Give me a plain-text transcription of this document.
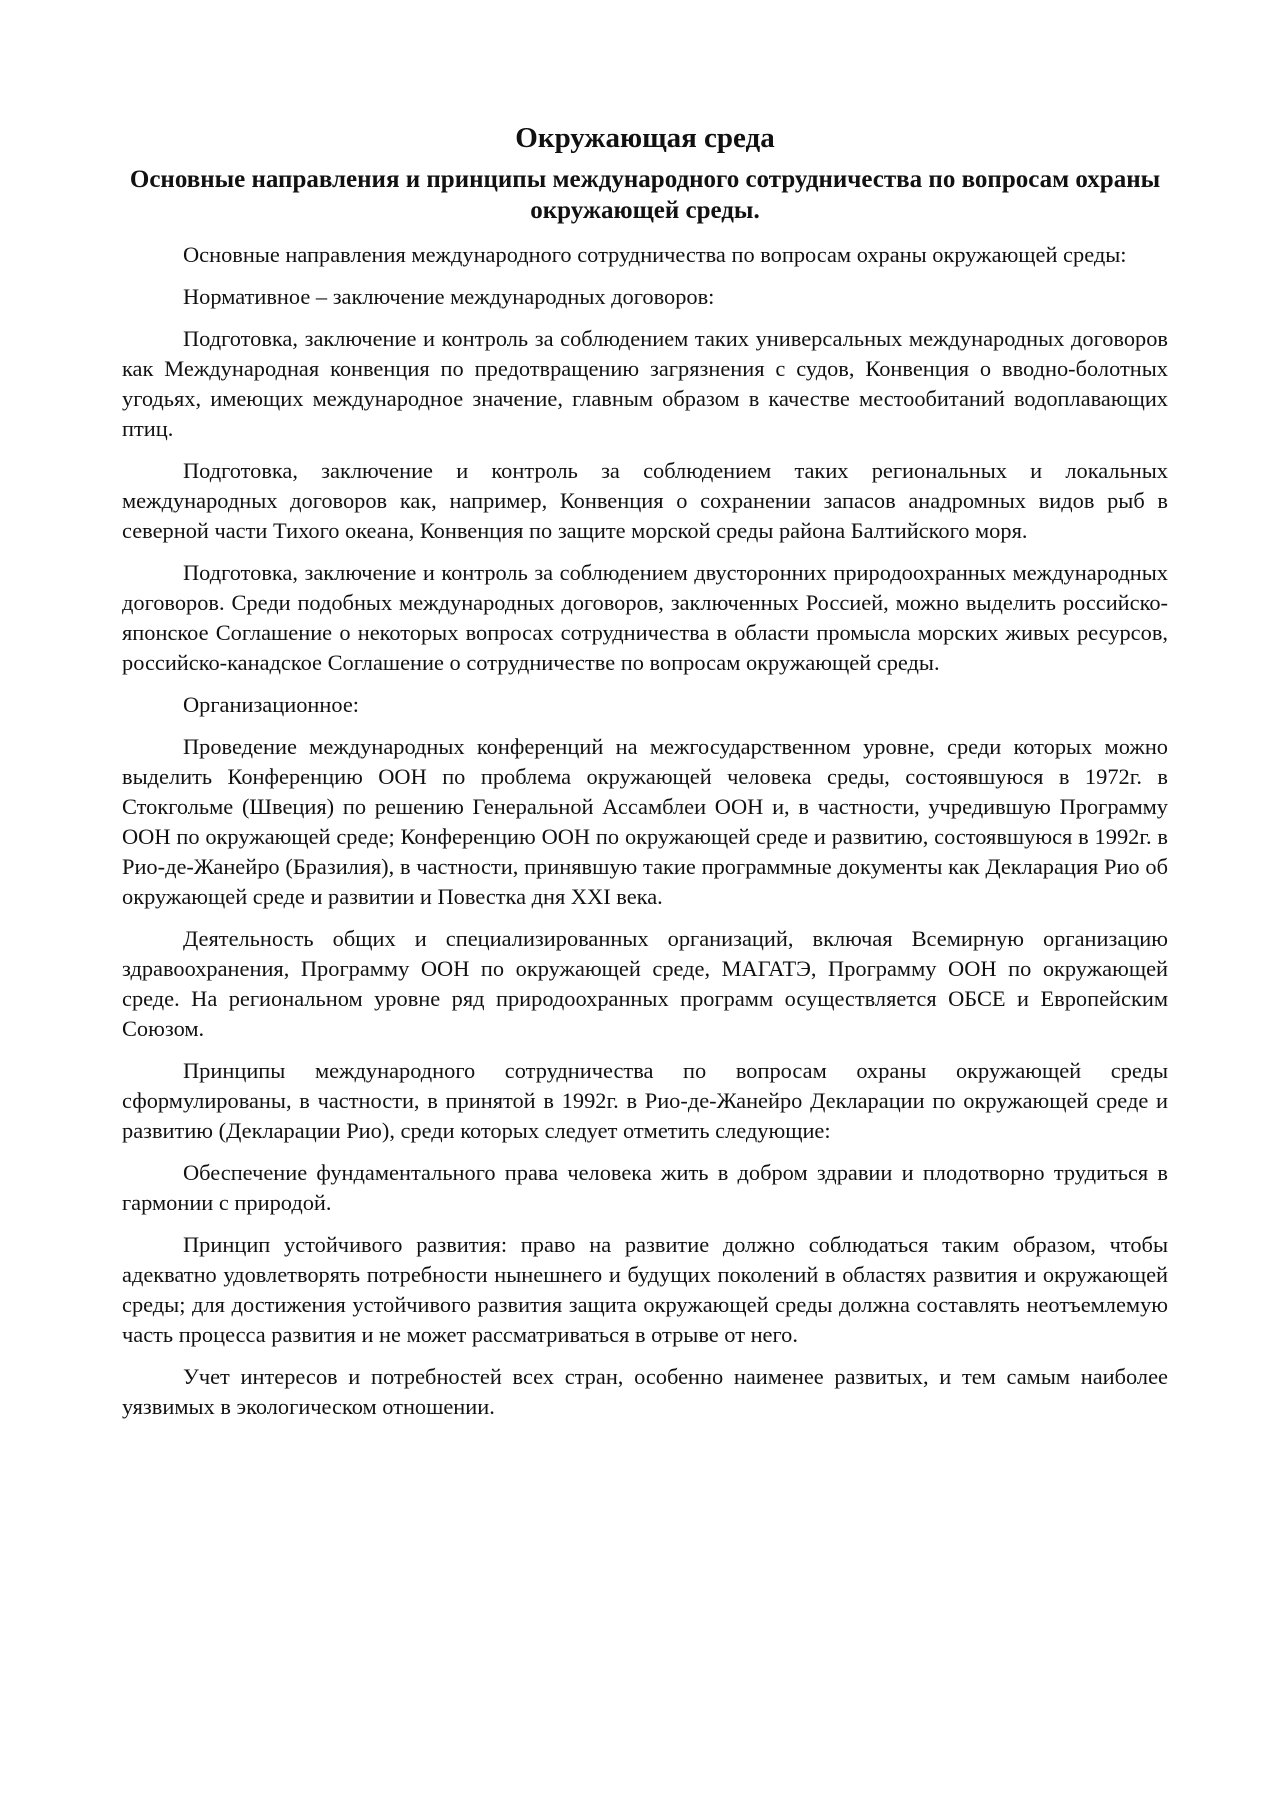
Окружающая среда
Основные направления и принципы международного сотрудничества по вопросам охраны окружающей среды.

Основные направления международного сотрудничества по вопросам охраны окружающей среды:

Нормативное – заключение международных договоров:

Подготовка, заключение и контроль за соблюдением таких универсальных международных договоров как Международная конвенция по предотвращению загрязнения с судов, Конвенция о вводно-болотных угодьях, имеющих международное значение, главным образом в качестве местообитаний водоплавающих птиц.

Подготовка, заключение и контроль за соблюдением таких региональных и локальных международных договоров как, например, Конвенция о сохранении запасов анадромных видов рыб в северной части Тихого океана, Конвенция по защите морской среды района Балтийского моря.

Подготовка, заключение и контроль за соблюдением двусторонних природоохранных международных договоров. Среди подобных международных договоров, заключенных Россией, можно выделить российско-японское Соглашение о некоторых вопросах сотрудничества в области промысла морских живых ресурсов, российско-канадское Соглашение о сотрудничестве по вопросам окружающей среды.

Организационное:

Проведение международных конференций на межгосударственном уровне, среди которых можно выделить Конференцию ООН по проблема окружающей человека среды, состоявшуюся в 1972г. в Стокгольме (Швеция) по решению Генеральной Ассамблеи ООН и, в частности, учредившую Программу ООН по окружающей среде; Конференцию ООН по окружающей среде и развитию, состоявшуюся в 1992г. в Рио-де-Жанейро (Бразилия), в частности, принявшую такие программные документы как Декларация Рио об окружающей среде и развитии и Повестка дня XXI века.

Деятельность общих и специализированных организаций, включая Всемирную организацию здравоохранения, Программу ООН по окружающей среде, МАГАТЭ, Программу ООН по окружающей среде. На региональном уровне ряд природоохранных программ осуществляется ОБСЕ и Европейским Союзом.

Принципы международного сотрудничества по вопросам охраны окружающей среды сформулированы, в частности, в принятой в 1992г. в Рио-де-Жанейро Декларации по окружающей среде и развитию (Декларации Рио), среди которых следует отметить следующие:

Обеспечение фундаментального права человека жить в добром здравии и плодотворно трудиться в гармонии с природой.

Принцип устойчивого развития: право на развитие должно соблюдаться таким образом, чтобы адекватно удовлетворять потребности нынешнего и будущих поколений в областях развития и окружающей среды; для достижения устойчивого развития защита окружающей среды должна составлять неотъемлемую часть процесса развития и не может рассматриваться в отрыве от него.

Учет интересов и потребностей всех стран, особенно наименее развитых, и тем самым наиболее уязвимых в экологическом отношении.
